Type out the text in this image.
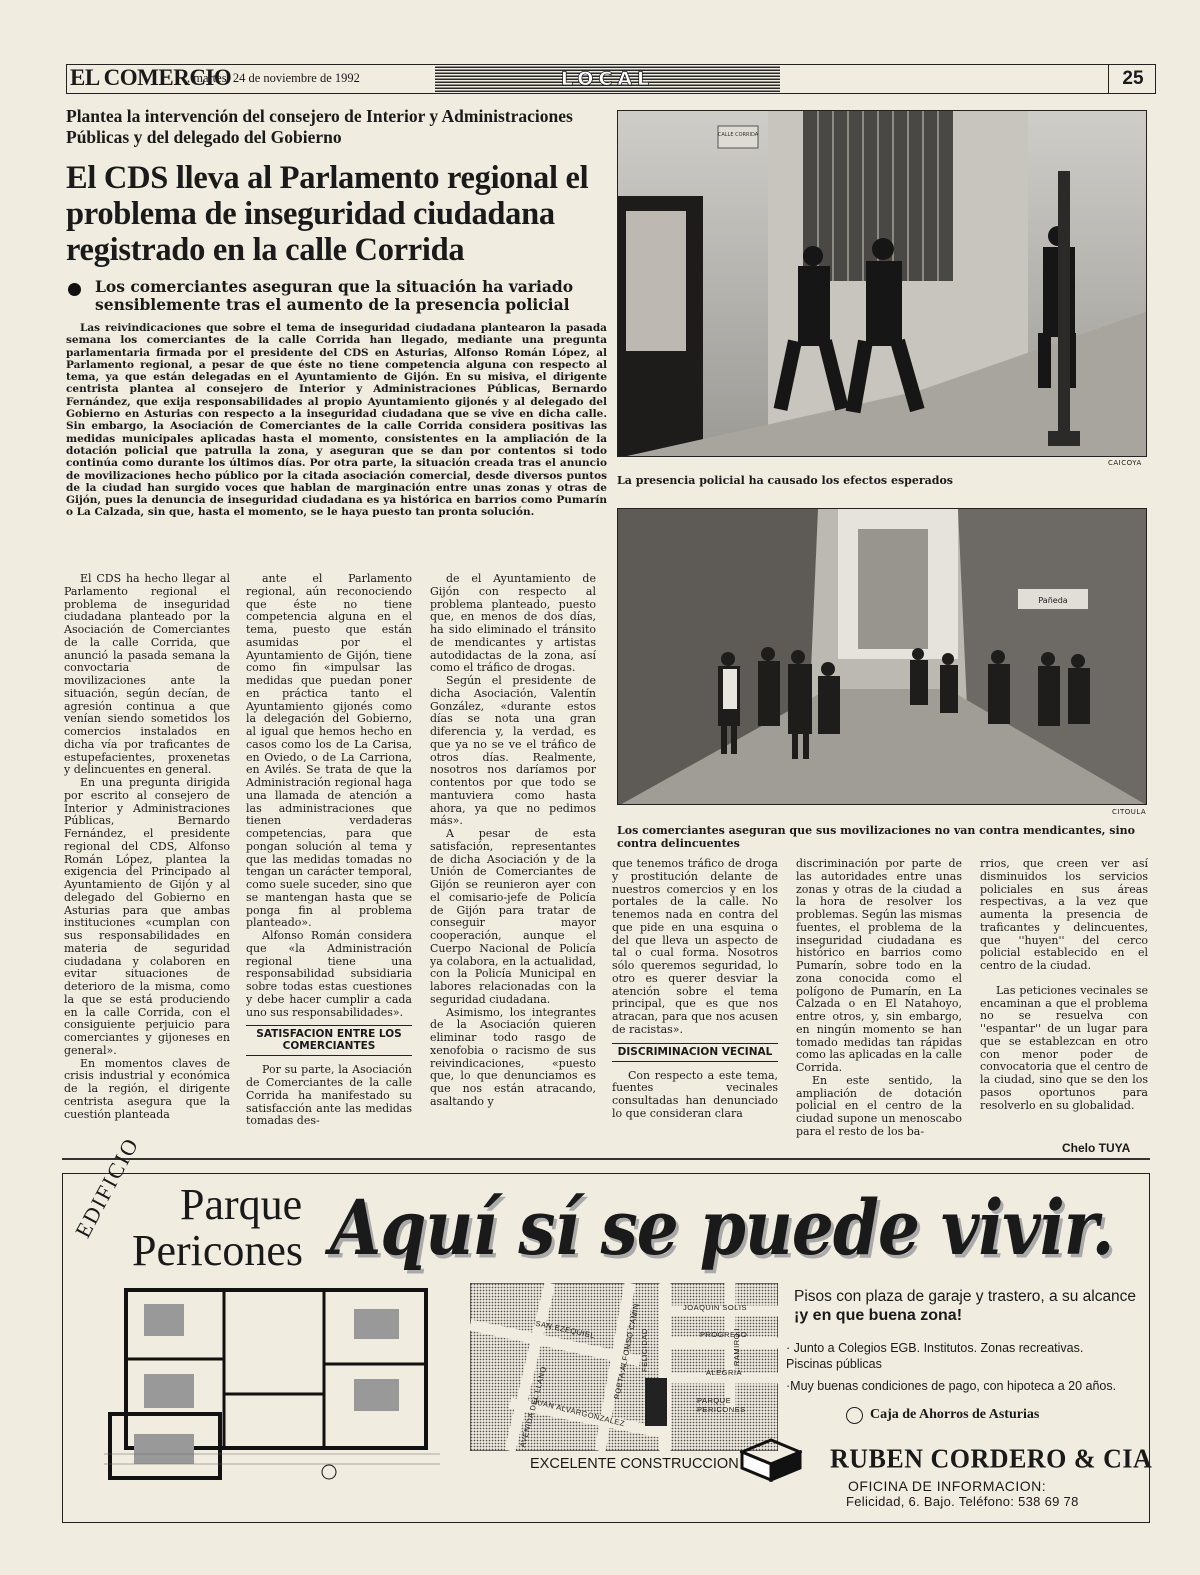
EL COMERCIO
, martes, 24 de noviembre de 1992	LOCAL	25
Plantea la intervención del consejero de Interior y Administraciones Públicas y del delegado del Gobierno
El CDS lleva al Parlamento regional el problema de inseguridad ciudadana registrado en la calle Corrida
Los comerciantes aseguran que la situación ha variado sensiblemente tras el aumento de la presencia policial
Las reivindicaciones que sobre el tema de inseguridad ciudadana plantearon la pasada semana los comerciantes de la calle Corrida han llegado, mediante una pregunta parlamentaria firmada por el presidente del CDS en Asturias, Alfonso Román López, al Parlamento regional, a pesar de que éste no tiene competencia alguna con respecto al tema, ya que están delegadas en el Ayuntamiento de Gijón. En su misiva, el dirigente centrista plantea al consejero de Interior y Administraciones Públicas, Bernardo Fernández, que exija responsabilidades al propio Ayuntamiento gijonés y al delegado del Gobierno en Asturias con respecto a la inseguridad ciudadana que se vive en dicha calle. Sin embargo, la Asociación de Comerciantes de la calle Corrida considera positivas las medidas municipales aplicadas hasta el momento, consistentes en la ampliación de la dotación policial que patrulla la zona, y aseguran que se dan por contentos si todo continúa como durante los últimos días. Por otra parte, la situación creada tras el anuncio de movilizaciones hecho público por la citada asociación comercial, desde diversos puntos de la ciudad han surgido voces que hablan de marginación entre unas zonas y otras de Gijón, pues la denuncia de inseguridad ciudadana es ya histórica en barrios como Pumarín o La Calzada, sin que, hasta el momento, se le haya puesto tan pronta solución.
CALLE CORRIDA
CAICOYA
La presencia policial ha causado los efectos esperados
Pañeda
CITOULA
Los comerciantes aseguran que sus movilizaciones no van contra mendicantes, sino contra delincuentes

El CDS ha hecho llegar al Parlamento regional el problema de inseguridad ciudadana planteado por la Asociación de Comerciantes de la calle Corrida, que anunció la pasada semana la convoctaria de movilizaciones ante la situación, según decían, de agresión continua a que venían siendo sometidos los comercios instalados en dicha vía por traficantes de estupefacientes, proxenetas y delincuentes en general.

En una pregunta dirigida por escrito al consejero de Interior y Administraciones Públicas, Bernardo Fernández, el presidente regional del CDS, Alfonso Román López, plantea la exigencia del Principado al Ayuntamiento de Gijón y al delegado del Gobierno en Asturias para que ambas instituciones «cumplan con sus responsabilidades en materia de seguridad ciudadana y colaboren en evitar situaciones de deterioro de la misma, como la que se está produciendo en la calle Corrida, con el consiguiente perjuicio para comerciantes y gijoneses en general».

En momentos claves de crisis industrial y económica de la región, el dirigente centrista asegura que la cuestión planteada

ante el Parlamento regional, aún reconociendo que éste no tiene competencia alguna en el tema, puesto que están asumidas por el Ayuntamiento de Gijón, tiene como fin «impulsar las medidas que puedan poner en práctica tanto el Ayuntamiento gijonés como la delegación del Gobierno, al igual que hemos hecho en casos como los de La Carisa, en Oviedo, o de La Carriona, en Avilés. Se trata de que la Administración regional haga una llamada de atención a las administraciones que tienen verdaderas competencias, para que pongan solución al tema y que las medidas tomadas no tengan un carácter temporal, como suele suceder, sino que se mantengan hasta que se ponga fin al problema planteado».

Alfonso Román considera que «la Administración regional tiene una responsabilidad subsidiaria sobre todas estas cuestiones y debe hacer cumplir a cada uno sus responsabilidades».

SATISFACION ENTRE LOS COMERCIANTES

Por su parte, la Asociación de Comerciantes de la calle Corrida ha manifestado su satisfacción ante las medidas tomadas des-

de el Ayuntamiento de Gijón con respecto al problema planteado, puesto que, en menos de dos días, ha sido eliminado el tránsito de mendicantes y artistas autodidactas de la zona, así como el tráfico de drogas.

Según el presidente de dicha Asociación, Valentín González, «durante estos días se nota una gran diferencia y, la verdad, es que ya no se ve el tráfico de otros días. Realmente, nosotros nos daríamos por contentos por que todo se mantuviera como hasta ahora, ya que no pedimos más».

A pesar de esta satisfación, representantes de dicha Asociación y de la Unión de Comerciantes de Gijón se reunieron ayer con el comisario-jefe de Policía de Gijón para tratar de conseguir mayor cooperación, aunque el Cuerpo Nacional de Policía ya colabora, en la actualidad, con la Policía Municipal en labores relacionadas con la seguridad ciudadana.

Asimismo, los integrantes de la Asociación quieren eliminar todo rasgo de xenofobia o racismo de sus reivindicaciones, «puesto que, lo que denunciamos es que nos están atracando, asaltando y

que tenemos tráfico de droga y prostitución delante de nuestros comercios y en los portales de la calle. No tenemos nada en contra del que pide en una esquina o del que lleva un aspecto de tal o cual forma. Nosotros sólo queremos seguridad, lo otro es querer desviar la atención sobre el tema principal, que es que nos atracan, para que nos acusen de racistas».

DISCRIMINACION VECINAL

Con respecto a este tema, fuentes vecinales consultadas han denunciado lo que consideran clara

discriminación por parte de las autoridades entre unas zonas y otras de la ciudad a la hora de resolver los problemas. Según las mismas fuentes, el problema de la inseguridad ciudadana es histórico en barrios como Pumarín, sobre todo en la zona conocida como el polígono de Pumarín, en La Calzada o en El Natahoyo, entre otros, y, sin embargo, en ningún momento se han tomado medidas tan rápidas como las aplicadas en la calle Corrida.

En este sentido, la ampliación de dotación policial en el centro de la ciudad supone un menoscabo para el resto de los ba-

rrios, que creen ver así disminuidos los servicios policiales en sus áreas respectivas, a la vez que aumenta la presencia de traficantes y delincuentes, que ''huyen'' del cerco policial establecido en el centro de la ciudad.

Las peticiones vecinales se encaminan a que el problema no se resuelva con ''espantar'' de un lugar para que se establezcan en otro con menor poder de convocatoria que el centro de la ciudad, sino que se den los pasos oportunos para resolverlo en su globalidad.

Chelo TUYA
EDIFICIO Parque
Pericones Aquí sí se puede vivir.
JOAQUIN SOLIS
SAN EZEQUIEL	FELICIDAD	PROGRESO
RAMIRO I
POETA ALFONSO CAMIN
AVENIDA DEL LLANO	ALEGRIA
PARQUE PERICONES
JUAN ALVARGONZALEZ
Pisos con plaza de garaje y trastero, a su alcance
¡y en que buena zona!
· Junto a Colegios EGB. Institutos. Zonas recreativas. Piscinas públicas
·Muy buenas condiciones de pago, con hipoteca a 20 años.
Caja de Ahorros de Asturias
EXCELENTE CONSTRUCCION	RUBEN CORDERO & CIA
OFICINA DE INFORMACION:
Felicidad, 6. Bajo. Teléfono: 538 69 78
